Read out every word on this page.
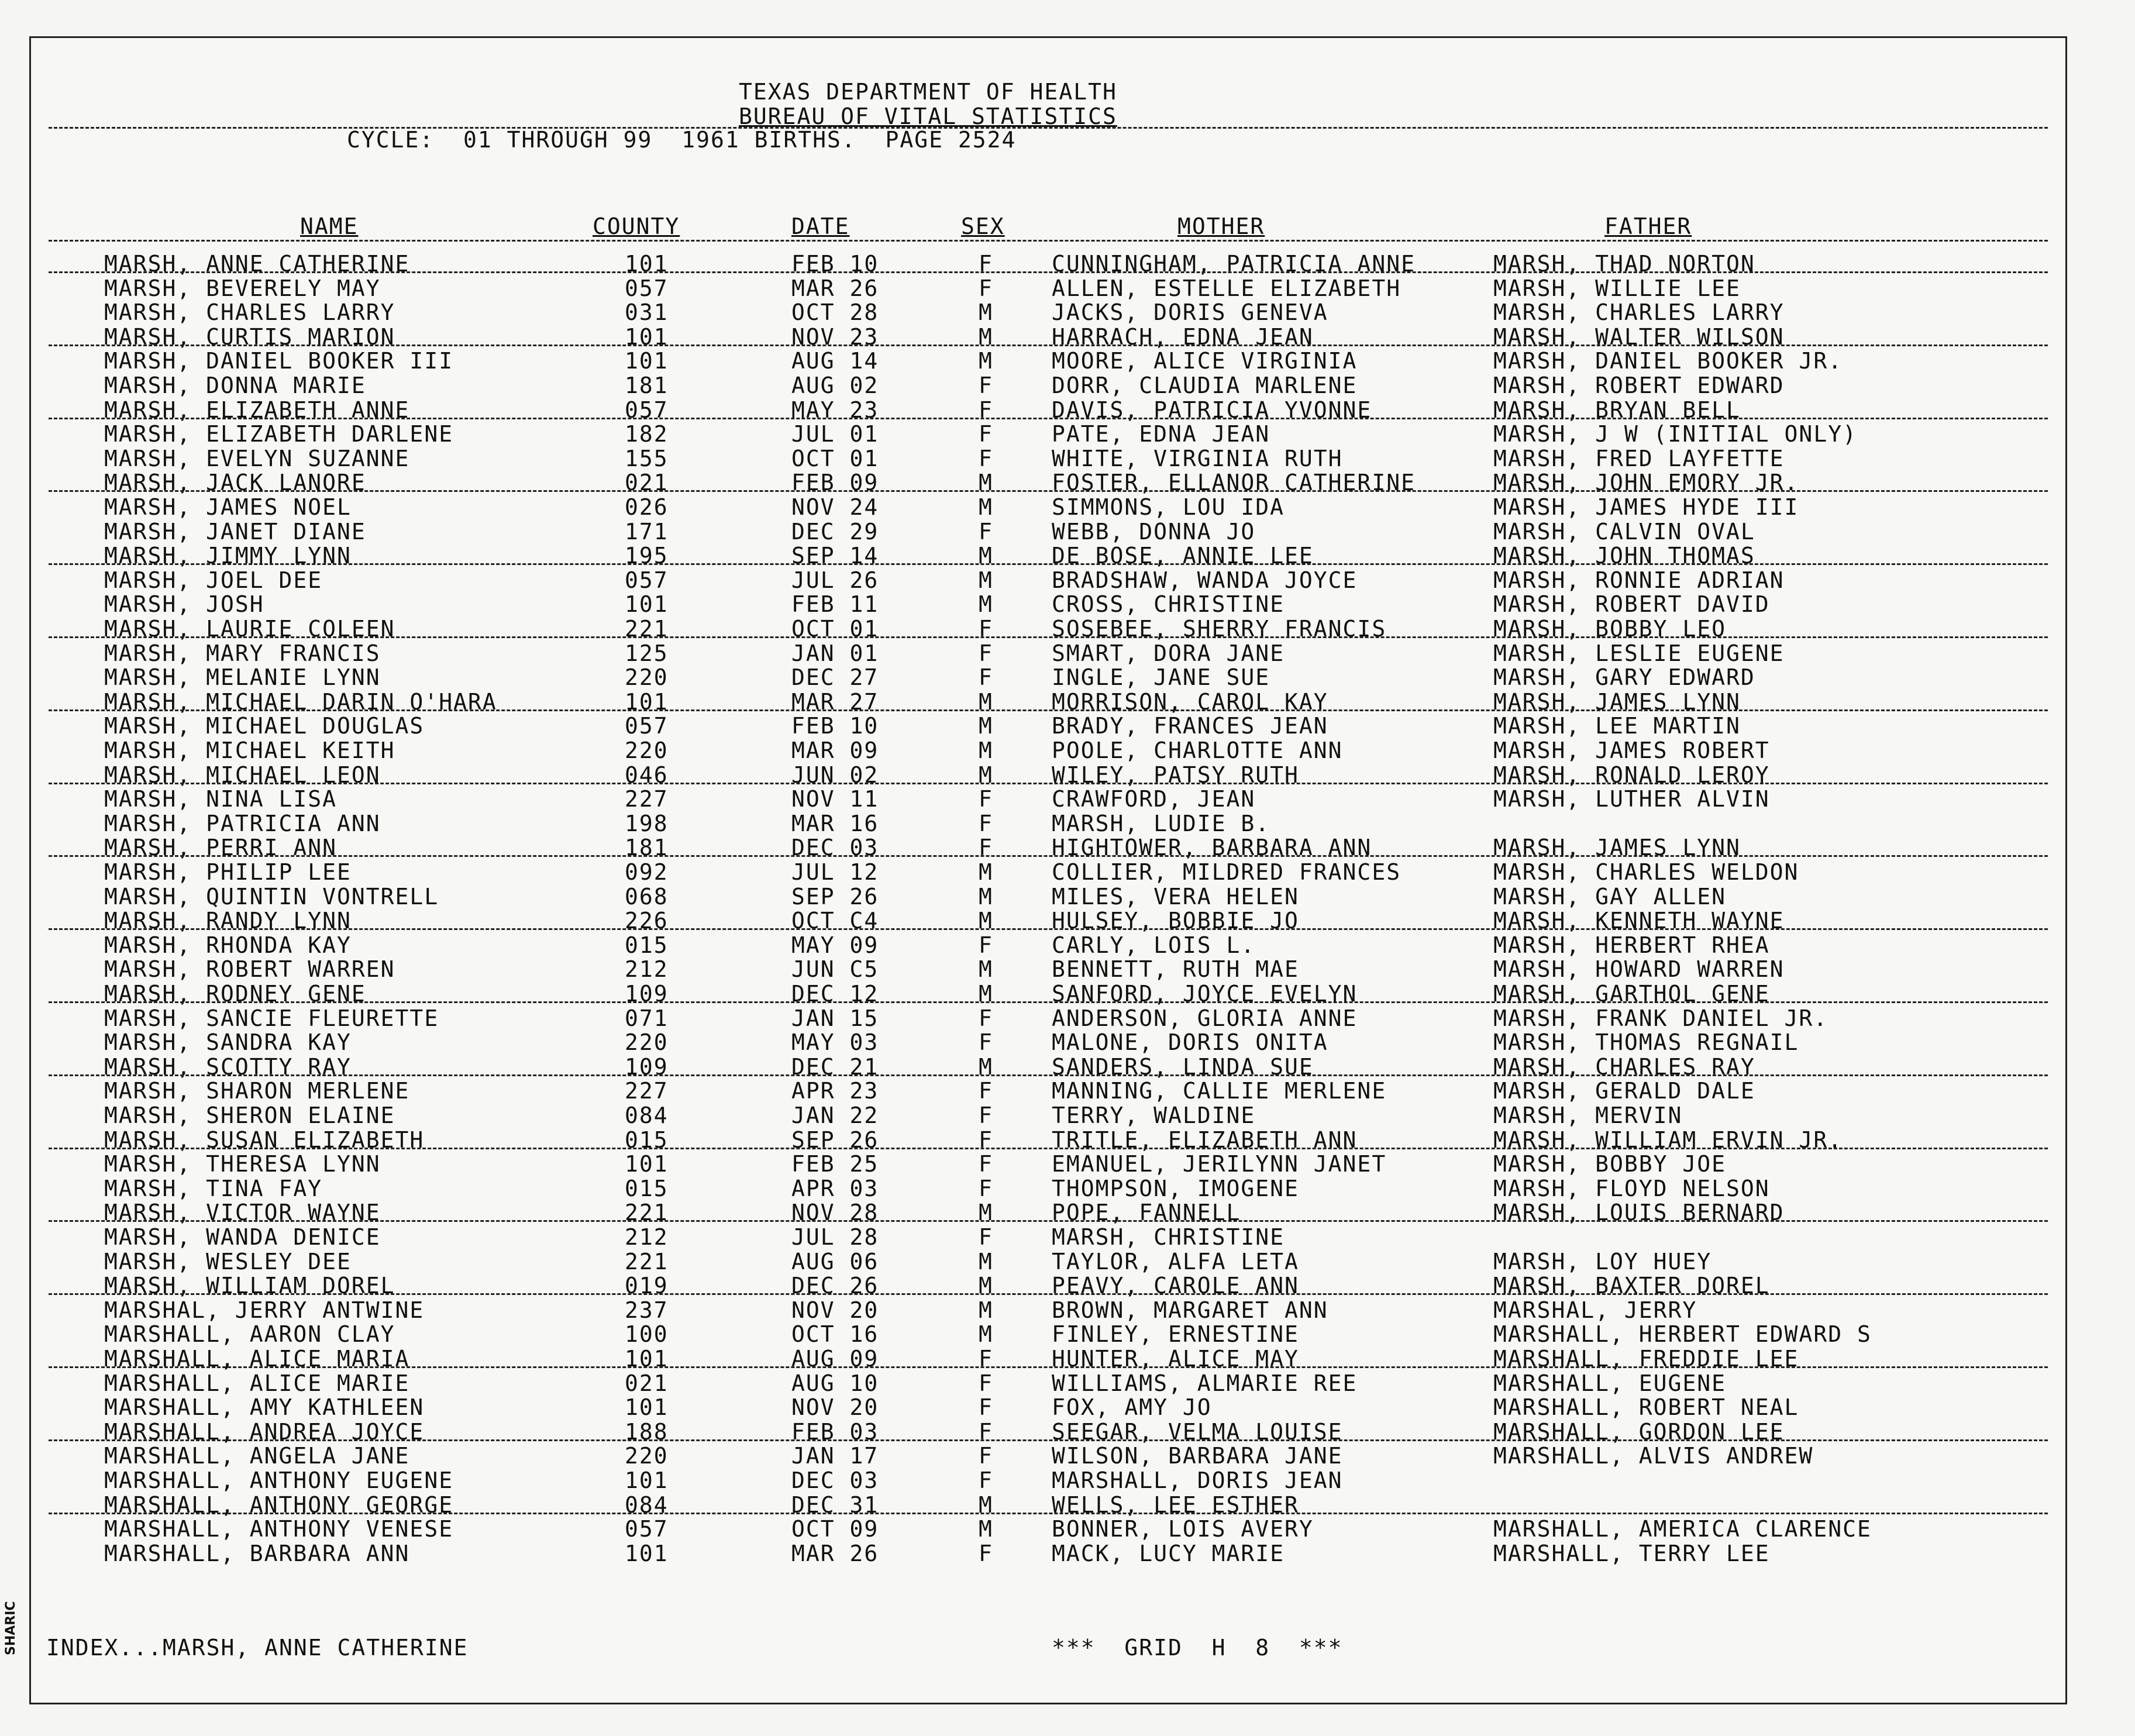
TEXAS DEPARTMENT OF HEALTH
BUREAU OF VITAL STATISTICS
CYCLE:  01 THROUGH 99  1961 BIRTHS.  PAGE 2524
NAME	COUNTY	DATE	SEX	MOTHER	FATHER
MARSH, ANNE CATHERINE	101	FEB 10	F	CUNNINGHAM, PATRICIA ANNE	MARSH, THAD NORTON
MARSH, BEVERELY MAY	057	MAR 26	F	ALLEN, ESTELLE ELIZABETH	MARSH, WILLIE LEE
MARSH, CHARLES LARRY	031	OCT 28	M	JACKS, DORIS GENEVA	MARSH, CHARLES LARRY
MARSH, CURTIS MARION	101	NOV 23	M	HARRACH, EDNA JEAN	MARSH, WALTER WILSON
MARSH, DANIEL BOOKER III	101	AUG 14	M	MOORE, ALICE VIRGINIA	MARSH, DANIEL BOOKER JR.
MARSH, DONNA MARIE	181	AUG 02	F	DORR, CLAUDIA MARLENE	MARSH, ROBERT EDWARD
MARSH, ELIZABETH ANNE	057	MAY 23	F	DAVIS, PATRICIA YVONNE	MARSH, BRYAN BELL
MARSH, ELIZABETH DARLENE	182	JUL 01	F	PATE, EDNA JEAN	MARSH, J W (INITIAL ONLY)
MARSH, EVELYN SUZANNE	155	OCT 01	F	WHITE, VIRGINIA RUTH	MARSH, FRED LAYFETTE
MARSH, JACK LANORE	021	FEB 09	M	FOSTER, ELLANOR CATHERINE	MARSH, JOHN EMORY JR.
MARSH, JAMES NOEL	026	NOV 24	M	SIMMONS, LOU IDA	MARSH, JAMES HYDE III
MARSH, JANET DIANE	171	DEC 29	F	WEBB, DONNA JO	MARSH, CALVIN OVAL
MARSH, JIMMY LYNN	195	SEP 14	M	DE BOSE, ANNIE LEE	MARSH, JOHN THOMAS
MARSH, JOEL DEE	057	JUL 26	M	BRADSHAW, WANDA JOYCE	MARSH, RONNIE ADRIAN
MARSH, JOSH	101	FEB 11	M	CROSS, CHRISTINE	MARSH, ROBERT DAVID
MARSH, LAURIE COLEEN	221	OCT 01	F	SOSEBEE, SHERRY FRANCIS	MARSH, BOBBY LEO
MARSH, MARY FRANCIS	125	JAN 01	F	SMART, DORA JANE	MARSH, LESLIE EUGENE
MARSH, MELANIE LYNN	220	DEC 27	F	INGLE, JANE SUE	MARSH, GARY EDWARD
MARSH, MICHAEL DARIN O'HARA	101	MAR 27	M	MORRISON, CAROL KAY	MARSH, JAMES LYNN
MARSH, MICHAEL DOUGLAS	057	FEB 10	M	BRADY, FRANCES JEAN	MARSH, LEE MARTIN
MARSH, MICHAEL KEITH	220	MAR 09	M	POOLE, CHARLOTTE ANN	MARSH, JAMES ROBERT
MARSH, MICHAEL LEON	046	JUN 02	M	WILEY, PATSY RUTH	MARSH, RONALD LEROY
MARSH, NINA LISA	227	NOV 11	F	CRAWFORD, JEAN	MARSH, LUTHER ALVIN
MARSH, PATRICIA ANN	198	MAR 16	F	MARSH, LUDIE B.
MARSH, PERRI ANN	181	DEC 03	F	HIGHTOWER, BARBARA ANN	MARSH, JAMES LYNN
MARSH, PHILIP LEE	092	JUL 12	M	COLLIER, MILDRED FRANCES	MARSH, CHARLES WELDON
MARSH, QUINTIN VONTRELL	068	SEP 26	M	MILES, VERA HELEN	MARSH, GAY ALLEN
MARSH, RANDY LYNN	226	OCT C4	M	HULSEY, BOBBIE JO	MARSH, KENNETH WAYNE
MARSH, RHONDA KAY	015	MAY 09	F	CARLY, LOIS L.	MARSH, HERBERT RHEA
MARSH, ROBERT WARREN	212	JUN C5	M	BENNETT, RUTH MAE	MARSH, HOWARD WARREN
MARSH, RODNEY GENE	109	DEC 12	M	SANFORD, JOYCE EVELYN	MARSH, GARTHOL GENE
MARSH, SANCIE FLEURETTE	071	JAN 15	F	ANDERSON, GLORIA ANNE	MARSH, FRANK DANIEL JR.
MARSH, SANDRA KAY	220	MAY 03	F	MALONE, DORIS ONITA	MARSH, THOMAS REGNAIL
MARSH, SCOTTY RAY	109	DEC 21	M	SANDERS, LINDA SUE	MARSH, CHARLES RAY
MARSH, SHARON MERLENE	227	APR 23	F	MANNING, CALLIE MERLENE	MARSH, GERALD DALE
MARSH, SHERON ELAINE	084	JAN 22	F	TERRY, WALDINE	MARSH, MERVIN
MARSH, SUSAN ELIZABETH	015	SEP 26	F	TRITLE, ELIZABETH ANN	MARSH, WILLIAM ERVIN JR.
MARSH, THERESA LYNN	101	FEB 25	F	EMANUEL, JERILYNN JANET	MARSH, BOBBY JOE
MARSH, TINA FAY	015	APR 03	F	THOMPSON, IMOGENE	MARSH, FLOYD NELSON
MARSH, VICTOR WAYNE	221	NOV 28	M	POPE, FANNELL	MARSH, LOUIS BERNARD
MARSH, WANDA DENICE	212	JUL 28	F	MARSH, CHRISTINE
MARSH, WESLEY DEE	221	AUG 06	M	TAYLOR, ALFA LETA	MARSH, LOY HUEY
MARSH, WILLIAM DOREL	019	DEC 26	M	PEAVY, CAROLE ANN	MARSH, BAXTER DOREL
MARSHAL, JERRY ANTWINE	237	NOV 20	M	BROWN, MARGARET ANN	MARSHAL, JERRY
MARSHALL, AARON CLAY	100	OCT 16	M	FINLEY, ERNESTINE	MARSHALL, HERBERT EDWARD S
MARSHALL, ALICE MARIA	101	AUG 09	F	HUNTER, ALICE MAY	MARSHALL, FREDDIE LEE
MARSHALL, ALICE MARIE	021	AUG 10	F	WILLIAMS, ALMARIE REE	MARSHALL, EUGENE
MARSHALL, AMY KATHLEEN	101	NOV 20	F	FOX, AMY JO	MARSHALL, ROBERT NEAL
MARSHALL, ANDREA JOYCE	188	FEB 03	F	SEEGAR, VELMA LOUISE	MARSHALL, GORDON LEE
MARSHALL, ANGELA JANE	220	JAN 17	F	WILSON, BARBARA JANE	MARSHALL, ALVIS ANDREW
MARSHALL, ANTHONY EUGENE	101	DEC 03	F	MARSHALL, DORIS JEAN
MARSHALL, ANTHONY GEORGE	084	DEC 31	M	WELLS, LEE ESTHER
MARSHALL, ANTHONY VENESE	057	OCT 09	M	BONNER, LOIS AVERY	MARSHALL, AMERICA CLARENCE
MARSHALL, BARBARA ANN	101	MAR 26	F	MACK, LUCY MARIE	MARSHALL, TERRY LEE
INDEX...MARSH, ANNE CATHERINE	***  GRID  H  8  ***
SHARIC
